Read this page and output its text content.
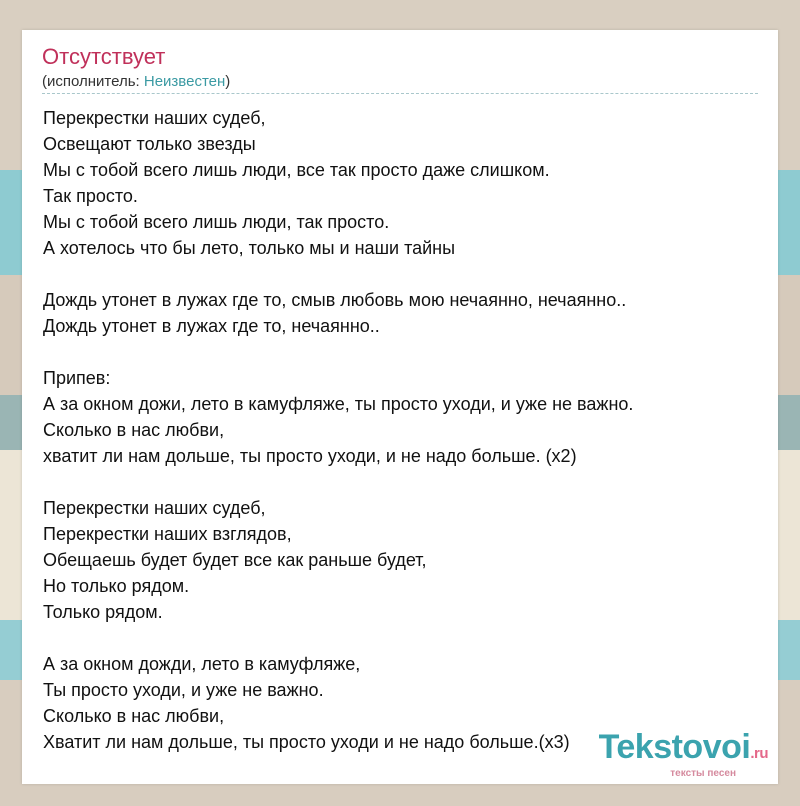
Отсутствует
(исполнитель: Неизвестен)
Перекрестки наших судеб,
Освещают только звезды
Мы с тобой всего лишь люди, все так просто даже слишком.
Так просто.
Мы с тобой всего лишь люди, так просто.
А хотелось что бы лето, только мы и наши тайны
Дождь утонет в лужах где то, смыв любовь мою нечаянно, нечаянно..
Дождь утонет в лужах где то, нечаянно..
Припев:
А за окном дожи, лето в камуфляже, ты просто уходи, и уже не важно.
Сколько в нас любви,
хватит ли нам дольше, ты просто уходи, и не надо больше. (x2)
Перекрестки наших судеб,
Перекрестки наших взглядов,
Обещаешь будет будет все как раньше будет,
Но только рядом.
Только рядом.
А за окном дожди, лето в камуфляже,
Ты просто уходи, и уже не важно.
Сколько в нас любви,
Хватит ли нам дольше, ты просто уходи и не надо больше.(x3) Tekstovoi.ru
тексты песен
